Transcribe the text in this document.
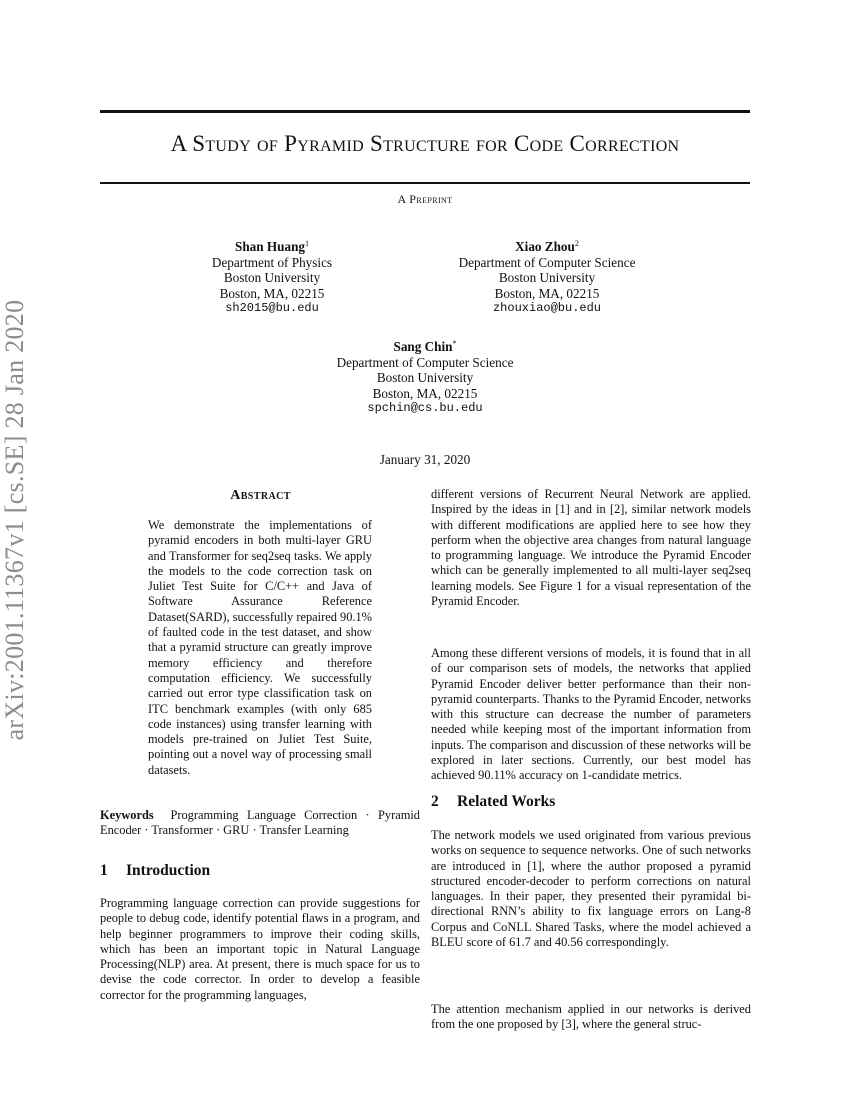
arXiv:2001.11367v1 [cs.SE] 28 Jan 2020
A Study of Pyramid Structure for Code Correction
A Preprint
Shan Huang$^1$
Department of Physics
Boston University
Boston, MA, 02215
sh2015@bu.edu
Xiao Zhou$^2$
Department of Computer Science
Boston University
Boston, MA, 02215
zhouxiao@bu.edu
Sang Chin*
Department of Computer Science
Boston University
Boston, MA, 02215
spchin@cs.bu.edu
January 31, 2020
Abstract

We demonstrate the implementations of pyramid encoders in both multi-layer GRU and Transformer for seq2seq tasks. We apply the models to the code correction task on Juliet Test Suite for C/C++ and Java of Software Assurance Reference Dataset(SARD), successfully repaired 90.1% of faulted code in the test dataset, and show that a pyramid structure can greatly improve memory efficiency and therefore computation efficiency. We successfully carried out error type classification task on ITC benchmark examples (with only 685 code instances) using transfer learning with models pre-trained on Juliet Test Suite, pointing out a novel way of processing small datasets.

Keywords Programming Language Correction · Pyramid Encoder · Transformer · GRU · Transfer Learning
1 Introduction

Programming language correction can provide suggestions for people to debug code, identify potential flaws in a program, and help beginner programmers to improve their coding skills, which has been an important topic in Natural Language Processing(NLP) area. At present, there is much space for us to devise the code corrector. In order to develop a feasible corrector for the programming languages,

different versions of Recurrent Neural Network are applied. Inspired by the ideas in [1] and in [2], similar network models with different modifications are applied here to see how they perform when the objective area changes from natural language to programming language. We introduce the Pyramid Encoder which can be generally implemented to all multi-layer seq2seq learning models. See Figure 1 for a visual representation of the Pyramid Encoder.

Among these different versions of models, it is found that in all of our comparison sets of models, the networks that applied Pyramid Encoder deliver better performance than their non-pyramid counterparts. Thanks to the Pyramid Encoder, networks with this structure can decrease the number of parameters needed while keeping most of the important information from inputs. The comparison and discussion of these networks will be explored in later sections. Currently, our best model has achieved 90.11% accuracy on 1-candidate metrics.

2 Related Works

The network models we used originated from various previous works on sequence to sequence networks. One of such networks are introduced in [1], where the author proposed a pyramid structured encoder-decoder to perform corrections on natural languages. In their paper, they presented their pyramidal bi-directional RNN’s ability to fix language errors on Lang-8 Corpus and CoNLL Shared Tasks, where the model achieved a BLEU score of 61.7 and 40.56 correspondingly.

The attention mechanism applied in our networks is derived from the one proposed by [3], where the general struc-
